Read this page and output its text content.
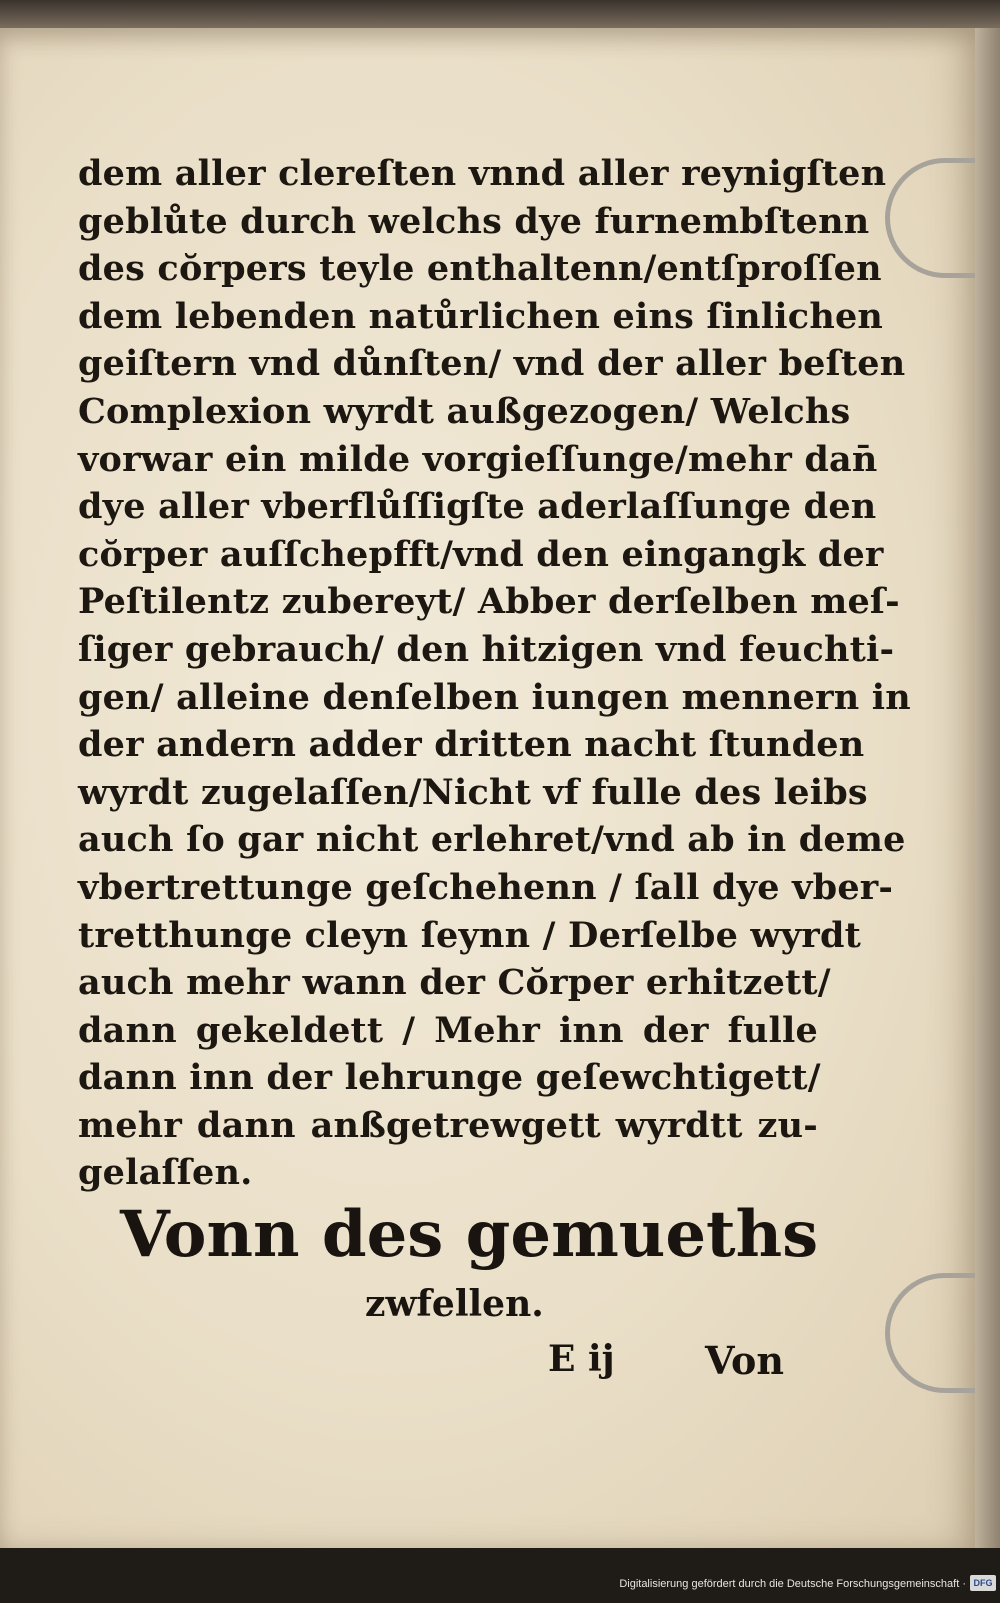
dem aller clereſten vnnd aller reynigſten
geblůte durch welchs dye furnembſtenn
des cŏrpers teyle enthaltenn/entſproſſen
dem lebenden natůrlichen eins ſinlichen
geiſtern vnd důnſten/ vnd der aller beſten
Complexion wyrdt außgezogen/ Welchs
vorwar ein milde vorgieſſunge/mehr dan̄
dye aller vberflůſſigſte aderlaſſunge den
cŏrper auſſchepfft/vnd den eingangk der
Peſtilentz zubereyt/ Abber derſelben meſ-
ſiger gebrauch/ den hitzigen vnd feuchti-
gen/ alleine denſelben iungen mennern in
der andern adder dritten nacht ſtunden
wyrdt zugelaſſen/Nicht vf fulle des leibs
auch ſo gar nicht erlehret/vnd ab in deme
vbertrettunge geſchehenn / ſall dye vber-
tretthunge cleyn ſeynn / Derſelbe wyrdt
auch mehr wann der Cŏrper erhitzett/
dann gekeldett / Mehr inn der fulle
dann inn der lehrunge geſewchtigett/
mehr dann anßgetrewgett wyrdtt zu-
gelaſſen.
Vonn des gemueths
zwfellen.
E ij Von
Digitalisierung gefördert durch die Deutsche Forschungsgemeinschaft · DFG
